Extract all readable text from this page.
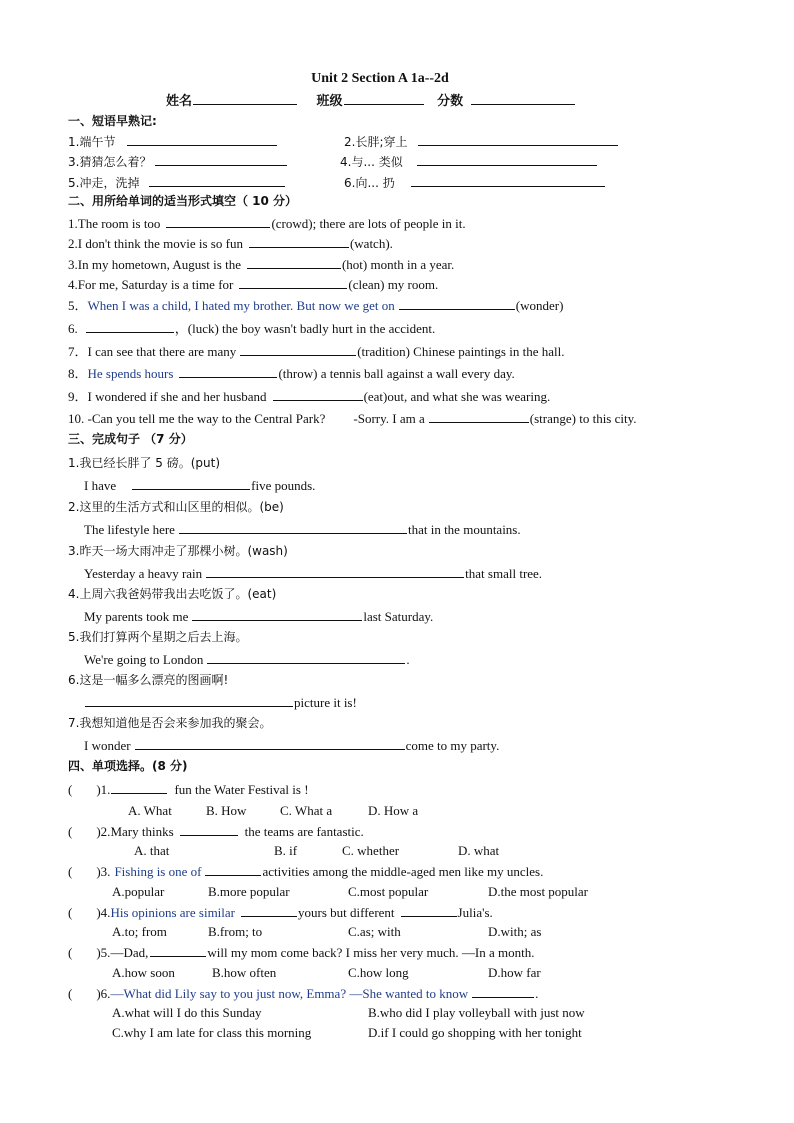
Unit 2 Section A 1a--2d
姓名	班级	分数
一、短语早熟记:
1.端午节	2.长胖;穿上
3.猜猜怎么着？	4.与... 类似
5.冲走，洗掉	6.向... 扔
二、用所给单词的适当形式填空（ 10 分）
1.The room is too	(crowd); there are lots of people in it.
2.I don't think the movie is so fun	(watch).
3.In my hometown, August is the	(hot) month in a year.
4.For me, Saturday is a time for	(clean) my room.
5．When I was a child, I hated my brother. But now we get on	(wonder)
6.	，(luck) the boy wasn't badly hurt in the accident.
7．I can see that there are many	(tradition) Chinese paintings in the hall.
8．He spends hours	(throw) a tennis ball against a wall every day.
9．I wondered if she and her husband	(eat)out, and what she was wearing.
10. -Can you tell me the way to the Central Park? -Sorry. I am a	(strange) to this city.
三、完成句子 （7 分）
1.我已经长胖了 5 磅。(put)
I have	five pounds.
2.这里的生活方式和山区里的相似。(be)
The lifestyle here	that in the mountains.
3.昨天一场大雨冲走了那棵小树。(wash)
Yesterday a heavy rain	that small tree.
4.上周六我爸妈带我出去吃饭了。(eat)
My parents took me	last Saturday.
5.我们打算两个星期之后去上海。
We're going to London	.
6.这是一幅多么漂亮的图画啊!
picture it is!
7.我想知道他是否会来参加我的聚会。
I wonder	come to my party.
四、单项选择。(8 分)
( )1.	fun the Water Festival is !
A. What	B. How	C. What a	D. How a
( )2.Mary thinks	the teams are fantastic.
A. that	B. if	C. whether	D. what
( )3. Fishing is one of	activities among the middle-aged men like my uncles.
A.popular	B.more popular	C.most popular	D.the most popular
( )4.His opinions are similar	yours but different	Julia's.
A.to; from	B.from; to	C.as; with	D.with; as
( )5.—Dad,	will my mom come back? I miss her very much. —In a month.
A.how soon	B.how often	C.how long	D.how far
( )6.—What did Lily say to you just now, Emma? —She wanted to know	.
A.what will I do this Sunday	B.who did I play volleyball with just now
C.why I am late for class this morning	D.if I could go shopping with her tonight
